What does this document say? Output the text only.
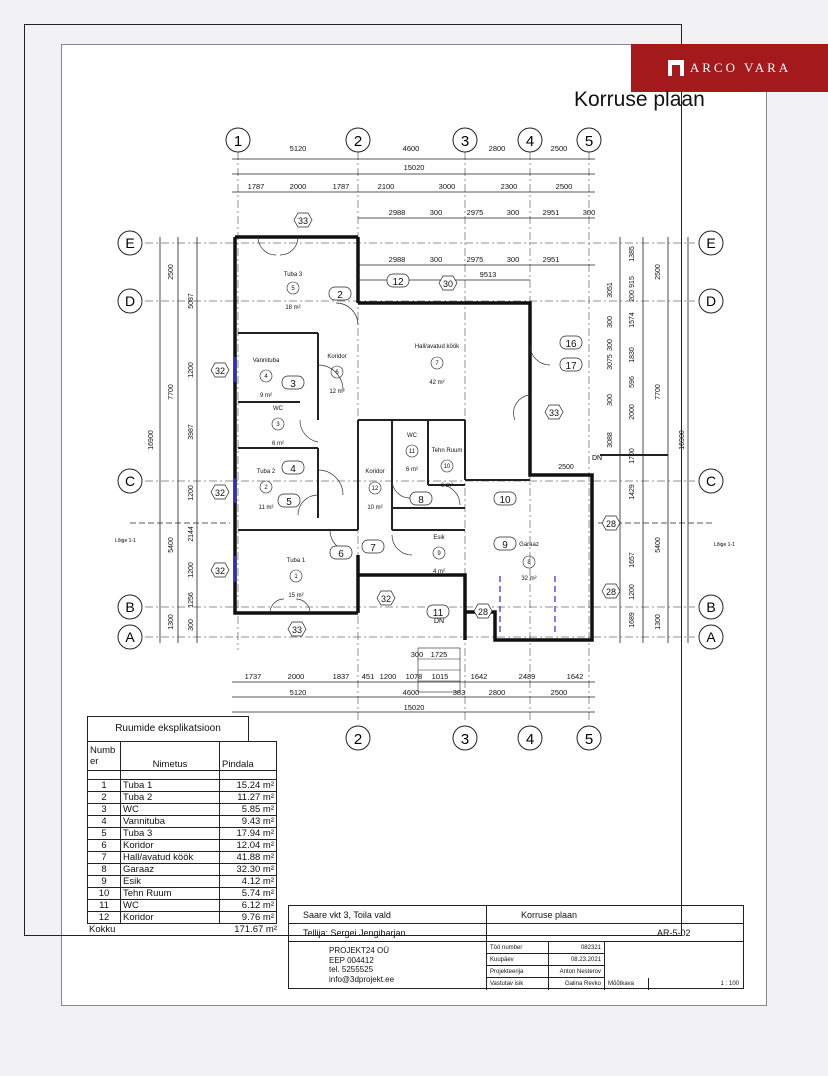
ARCO VARA
Korruse plaan
1	2	3	4	5
2	3	4	5
E
D
C
B
A
E
D
C
B
A
5120	4600	2800	2500
15020
1787	2000	1787	2100	3000	2300	2500
2988	300	2975	300	2951	300
2988	300	2975	300	2951
9513
1737	2000	1837 451 1200 1078 1015	1642	2489	1642
5120	4600	383	2800	2500
15020
300 1725
2500
5087
1200
7700
3987
16900
1200
2144
5400
1200
1256
1300 300
1385
915
300
3051 200
1574
2500
300
3075 1830
596
7700
300
2000
3088
1700
16900
1429
2500
1657
5400
1200
1689	1300
Lõige 1-1
Lõige 1-1
DN
DN
Tuba 3
5
18 m²
Vannituba
4
9 m²
Koridor
6
12 m²
WC
3
6 m²
Tuba 2
2
11 m²
Tuba 1
1
15 m²
Hall/avatud köök
7
42 m²
WC
11
6 m²
Tehn Ruum
10
6 m²
Koridor
12
10 m²
Esik
9
4 m²
Garaaz
8
32 m²
2
3
4
5
6
7
8
9
10
11
12
16
17
33
33
33
32
32
32
32
30
28
28
28
Ruumide eksplikatsioon
Numb er	Nimetus	Pindala

1	Tuba 1	15.24 m²
2	Tuba 2	11.27 m²
3	WC	5.85 m²
4	Vannituba	9.43 m²
5	Tuba 3	17.94 m²
6	Koridor	12.04 m²
7	Hall/avatud köök	41.88 m²
8	Garaaz	32.30 m²
9	Esik	4.12 m²
10	Tehn Ruum	5.74 m²
11	WC	6.12 m²
12	Koridor	9.76 m²
Kokku	171.67 m²
Saare vkt 3, Toila vald
Tellija: Sergei Jengibarjan
PROJEKT24 OÜ
EEP 004412
tel. 5255525
info@3dprojekt.ee
Korruse plaan
AR-5-02
Töö number	082321
Kuupäev	08.23.2021
Projekteerija	Anton Nesterov
Vastutav isik	Galina Revko	Mõõtkava	1 : 100
